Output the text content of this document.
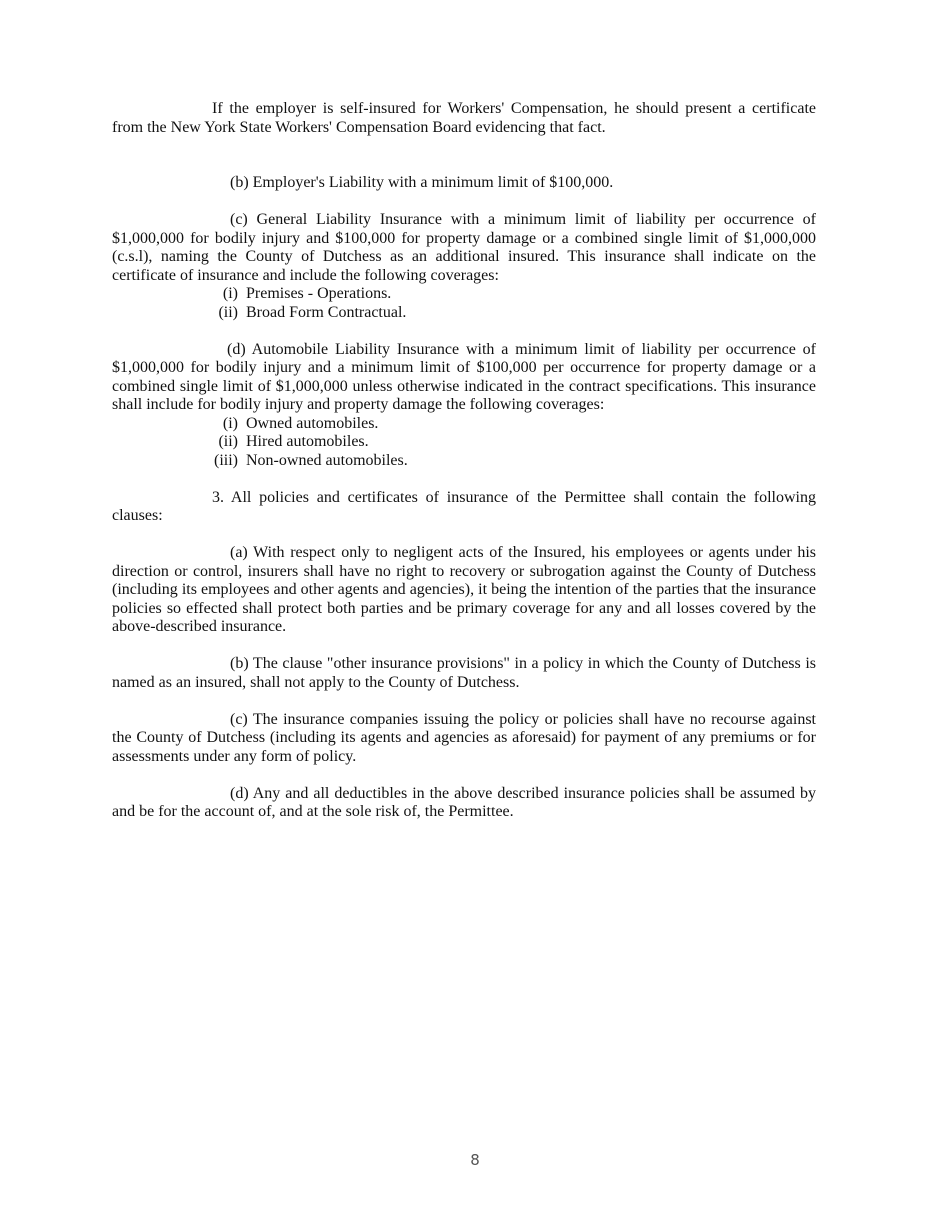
If the employer is self-insured for Workers' Compensation, he should present a certificate from the New York State Workers' Compensation Board evidencing that fact.

(b) Employer's Liability with a minimum limit of $100,000.

(c) General Liability Insurance with a minimum limit of liability per occurrence of $1,000,000 for bodily injury and $100,000 for property damage or a combined single limit of $1,000,000 (c.s.l), naming the County of Dutchess as an additional insured. This insurance shall indicate on the certificate of insurance and include the following coverages:

(i) Premises - Operations.
(ii) Broad Form Contractual.

(d) Automobile Liability Insurance with a minimum limit of liability per occurrence of $1,000,000 for bodily injury and a minimum limit of $100,000 per occurrence for property damage or a combined single limit of $1,000,000 unless otherwise indicated in the contract specifications. This insurance shall include for bodily injury and property damage the following coverages:

(i) Owned automobiles.
(ii) Hired automobiles.
(iii) Non-owned automobiles.

3. All policies and certificates of insurance of the Permittee shall contain the following

clauses:

(a) With respect only to negligent acts of the Insured, his employees or agents under his direction or control, insurers shall have no right to recovery or subrogation against the County of Dutchess (including its employees and other agents and agencies), it being the intention of the parties that the insurance policies so effected shall protect both parties and be primary coverage for any and all losses covered by the above-described insurance.

(b) The clause "other insurance provisions" in a policy in which the County of Dutchess is named as an insured, shall not apply to the County of Dutchess.

(c) The insurance companies issuing the policy or policies shall have no recourse against the County of Dutchess (including its agents and agencies as aforesaid) for payment of any premiums or for assessments under any form of policy.

(d) Any and all deductibles in the above described insurance policies shall be assumed by and be for the account of, and at the sole risk of, the Permittee.

8
